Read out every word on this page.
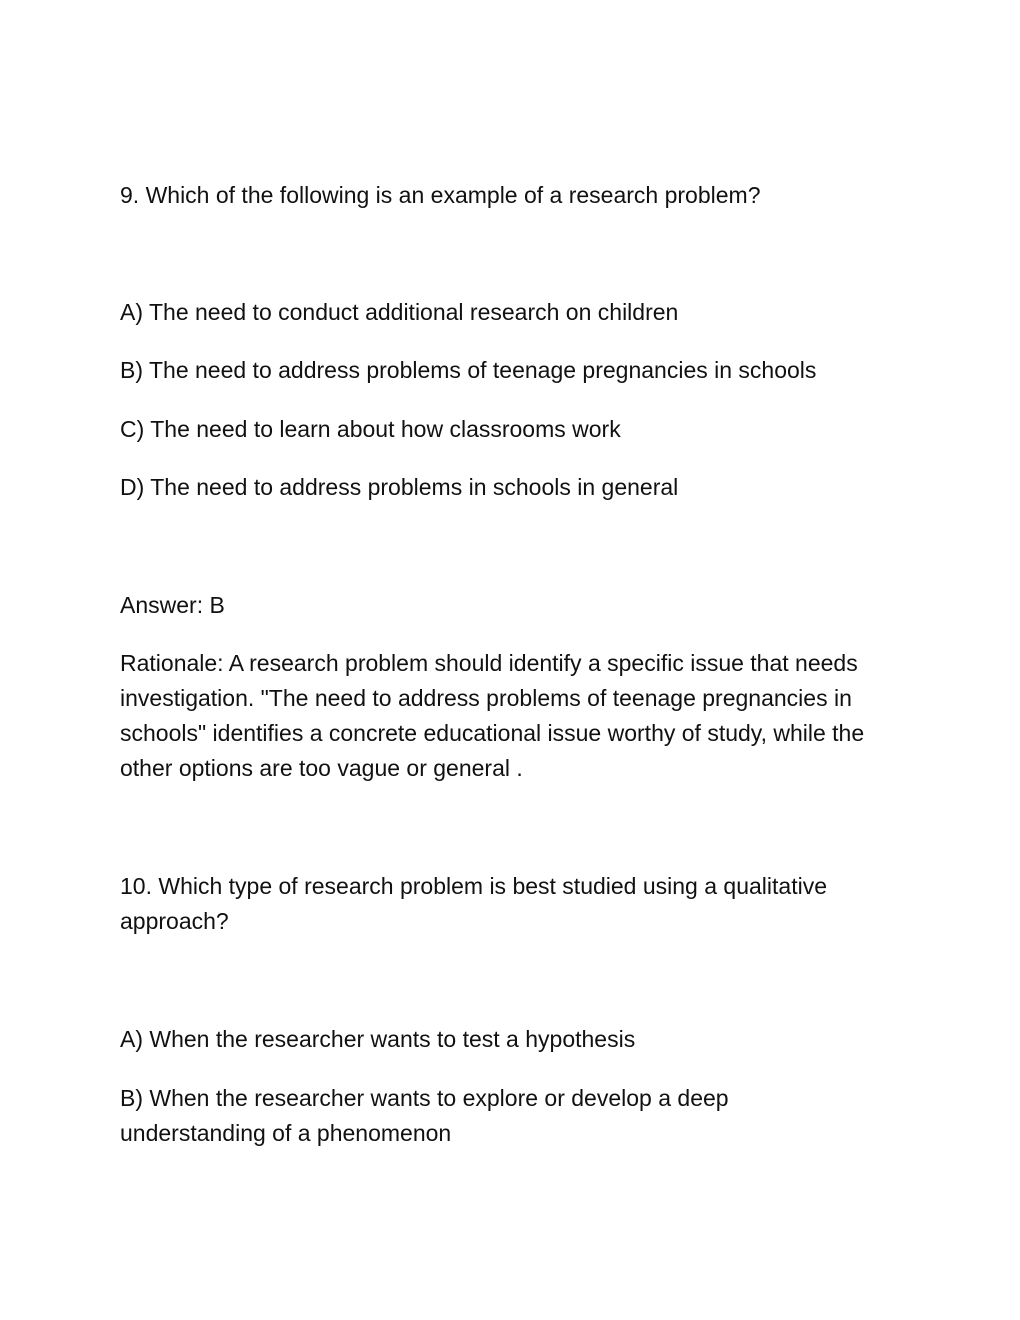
9. Which of the following is an example of a research problem?
A) The need to conduct additional research on children
B) The need to address problems of teenage pregnancies in schools
C) The need to learn about how classrooms work
D) The need to address problems in schools in general
Answer: B
Rationale: A research problem should identify a specific issue that needs investigation. "The need to address problems of teenage pregnancies in schools" identifies a concrete educational issue worthy of study, while the other options are too vague or general .
10. Which type of research problem is best studied using a qualitative approach?
A) When the researcher wants to test a hypothesis
B) When the researcher wants to explore or develop a deep understanding of a phenomenon
